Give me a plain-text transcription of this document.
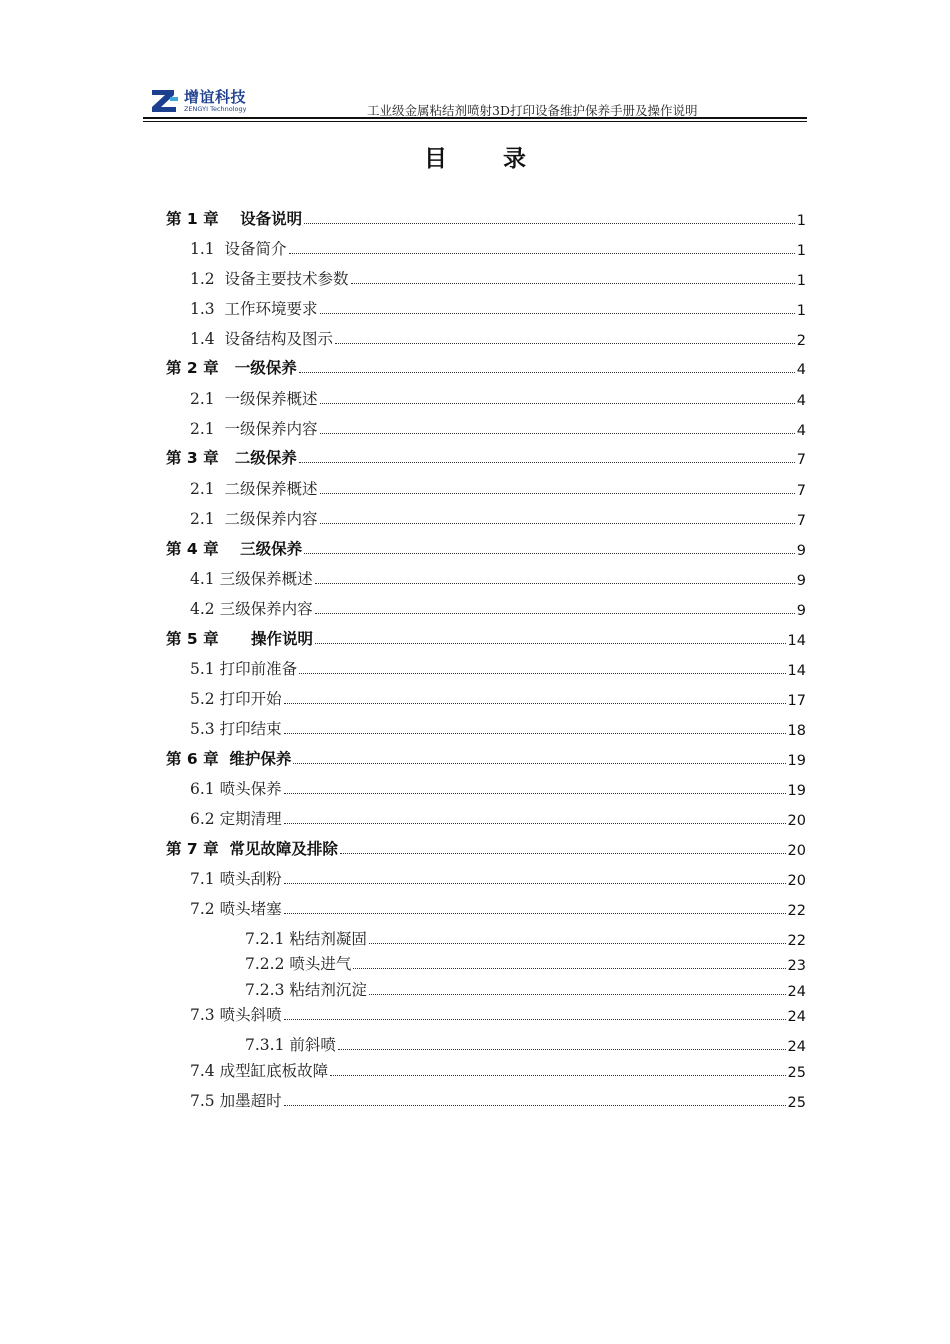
增谊科技
ZENGYI Technology	工业级金属粘结剂喷射3D打印设备维护保养手册及操作说明
目 录
第 1 章    设备说明	1
1.1  设备简介	1
1.2  设备主要技术参数	1
1.3  工作环境要求	1
1.4  设备结构及图示	2
第 2 章   一级保养	4
2.1  一级保养概述	4
2.1  一级保养内容	4
第 3 章   二级保养	7
2.1  二级保养概述	7
2.1  二级保养内容	7
第 4 章    三级保养	9
4.1 三级保养概述	9
4.2 三级保养内容	9
第 5 章      操作说明	14
5.1 打印前准备	14
5.2 打印开始	17
5.3 打印结束	18
第 6 章  维护保养	19
6.1 喷头保养	19
6.2 定期清理	20
第 7 章  常见故障及排除	20
7.1 喷头刮粉	20
7.2 喷头堵塞	22
7.2.1 粘结剂凝固	22
7.2.2 喷头进气	23
7.2.3 粘结剂沉淀	24
7.3 喷头斜喷	24
7.3.1 前斜喷	24
7.4 成型缸底板故障	25
7.5 加墨超时	25
